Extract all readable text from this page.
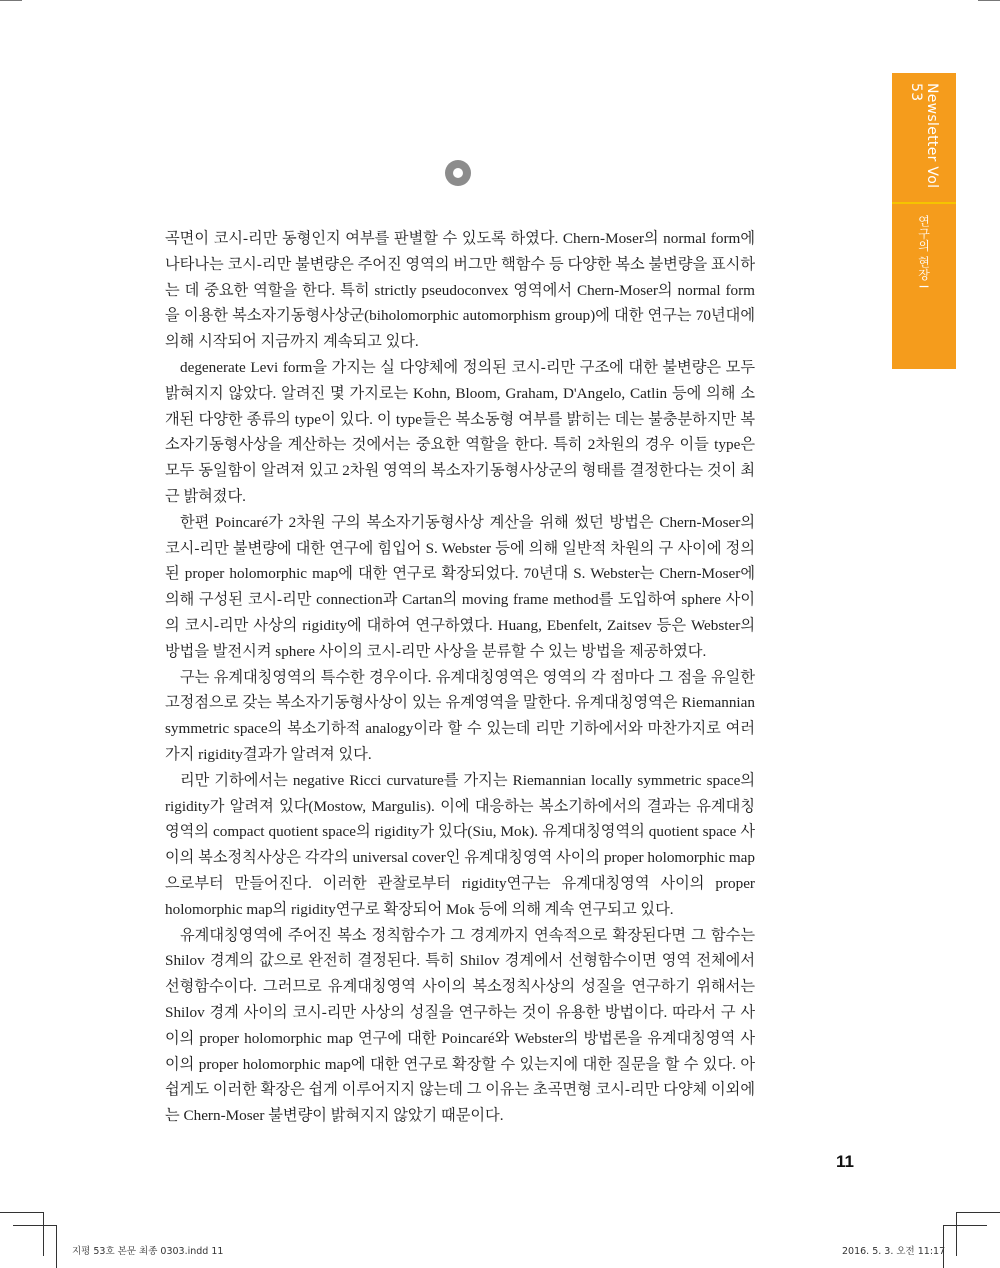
Newsletter Vol 53
연구의 현장 I

곡면이 코시-리만 동형인지 여부를 판별할 수 있도록 하였다. Chern-Moser의 normal form에 나타나는 코시-리만 불변량은 주어진 영역의 버그만 핵함수 등 다양한 복소 불변량을 표시하는 데 중요한 역할을 한다. 특히 strictly pseudoconvex 영역에서 Chern-Moser의 normal form을 이용한 복소자기동형사상군(biholomorphic automorphism group)에 대한 연구는 70년대에 의해 시작되어 지금까지 계속되고 있다.

degenerate Levi form을 가지는 실 다양체에 정의된 코시-리만 구조에 대한 불변량은 모두 밝혀지지 않았다. 알려진 몇 가지로는 Kohn, Bloom, Graham, D'Angelo, Catlin 등에 의해 소개된 다양한 종류의 type이 있다. 이 type들은 복소동형 여부를 밝히는 데는 불충분하지만 복소자기동형사상을 계산하는 것에서는 중요한 역할을 한다. 특히 2차원의 경우 이들 type은 모두 동일함이 알려져 있고 2차원 영역의 복소자기동형사상군의 형태를 결정한다는 것이 최근 밝혀졌다.

한편 Poincaré가 2차원 구의 복소자기동형사상 계산을 위해 썼던 방법은 Chern-Moser의 코시-리만 불변량에 대한 연구에 힘입어 S. Webster 등에 의해 일반적 차원의 구 사이에 정의된 proper holomorphic map에 대한 연구로 확장되었다. 70년대 S. Webster는 Chern-Moser에 의해 구성된 코시-리만 connection과 Cartan의 moving frame method를 도입하여 sphere 사이의 코시-리만 사상의 rigidity에 대하여 연구하였다. Huang, Ebenfelt, Zaitsev 등은 Webster의 방법을 발전시켜 sphere 사이의 코시-리만 사상을 분류할 수 있는 방법을 제공하였다.

구는 유계대칭영역의 특수한 경우이다. 유계대칭영역은 영역의 각 점마다 그 점을 유일한 고정점으로 갖는 복소자기동형사상이 있는 유계영역을 말한다. 유계대칭영역은 Riemannian symmetric space의 복소기하적 analogy이라 할 수 있는데 리만 기하에서와 마찬가지로 여러 가지 rigidity결과가 알려져 있다.

리만 기하에서는 negative Ricci curvature를 가지는 Riemannian locally symmetric space의 rigidity가 알려져 있다(Mostow, Margulis). 이에 대응하는 복소기하에서의 결과는 유계대칭영역의 compact quotient space의 rigidity가 있다(Siu, Mok). 유계대칭영역의 quotient space 사이의 복소정칙사상은 각각의 universal cover인 유계대칭영역 사이의 proper holomorphic map으로부터 만들어진다. 이러한 관찰로부터 rigidity연구는 유계대칭영역 사이의 proper holomorphic map의 rigidity연구로 확장되어 Mok 등에 의해 계속 연구되고 있다.

유계대칭영역에 주어진 복소 정칙함수가 그 경계까지 연속적으로 확장된다면 그 함수는 Shilov 경계의 값으로 완전히 결정된다. 특히 Shilov 경계에서 선형함수이면 영역 전체에서 선형함수이다. 그러므로 유계대칭영역 사이의 복소정칙사상의 성질을 연구하기 위해서는 Shilov 경계 사이의 코시-리만 사상의 성질을 연구하는 것이 유용한 방법이다. 따라서 구 사이의 proper holomorphic map 연구에 대한 Poincaré와 Webster의 방법론을 유계대칭영역 사이의 proper holomorphic map에 대한 연구로 확장할 수 있는지에 대한 질문을 할 수 있다. 아쉽게도 이러한 확장은 쉽게 이루어지지 않는데 그 이유는 초곡면형 코시-리만 다양체 이외에는 Chern-Moser 불변량이 밝혀지지 않았기 때문이다.

11
지평 53호 본문 최종 0303.indd 11	2016. 5. 3. 오전 11:17
